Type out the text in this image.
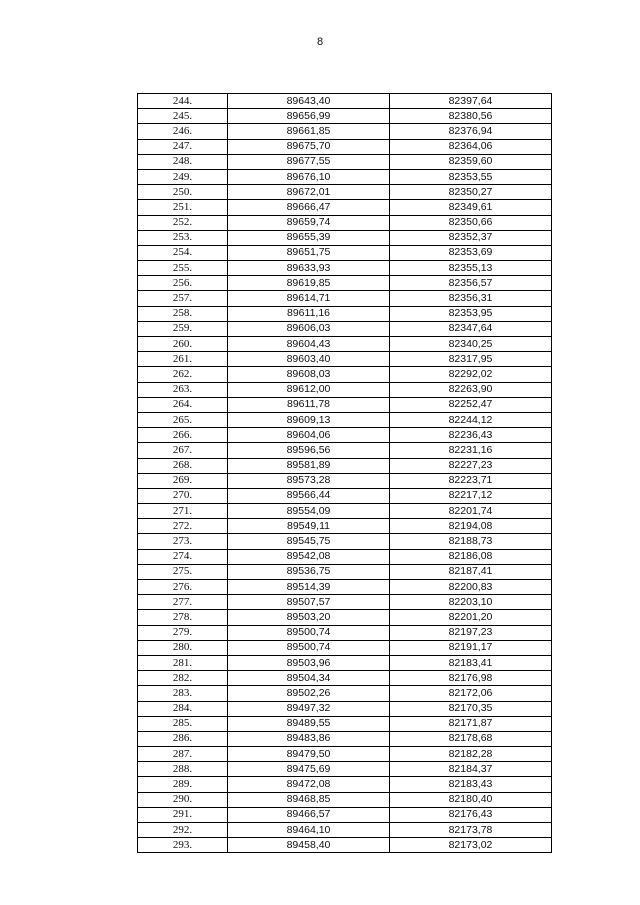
8
244.	89643,40	82397,64
245.	89656,99	82380,56
246.	89661,85	82376,94
247.	89675,70	82364,06
248.	89677,55	82359,60
249.	89676,10	82353,55
250.	89672,01	82350,27
251.	89666,47	82349,61
252.	89659,74	82350,66
253.	89655,39	82352,37
254.	89651,75	82353,69
255.	89633,93	82355,13
256.	89619,85	82356,57
257.	89614,71	82356,31
258.	89611,16	82353,95
259.	89606,03	82347,64
260.	89604,43	82340,25
261.	89603,40	82317,95
262.	89608,03	82292,02
263.	89612,00	82263,90
264.	89611,78	82252,47
265.	89609,13	82244,12
266.	89604,06	82236,43
267.	89596,56	82231,16
268.	89581,89	82227,23
269.	89573,28	82223,71
270.	89566,44	82217,12
271.	89554,09	82201,74
272.	89549,11	82194,08
273.	89545,75	82188,73
274.	89542,08	82186,08
275.	89536,75	82187,41
276.	89514,39	82200,83
277.	89507,57	82203,10
278.	89503,20	82201,20
279.	89500,74	82197,23
280.	89500,74	82191,17
281.	89503,96	82183,41
282.	89504,34	82176,98
283.	89502,26	82172,06
284.	89497,32	82170,35
285.	89489,55	82171,87
286.	89483,86	82178,68
287.	89479,50	82182,28
288.	89475,69	82184,37
289.	89472,08	82183,43
290.	89468,85	82180,40
291.	89466,57	82176,43
292.	89464,10	82173,78
293.	89458,40	82173,02
